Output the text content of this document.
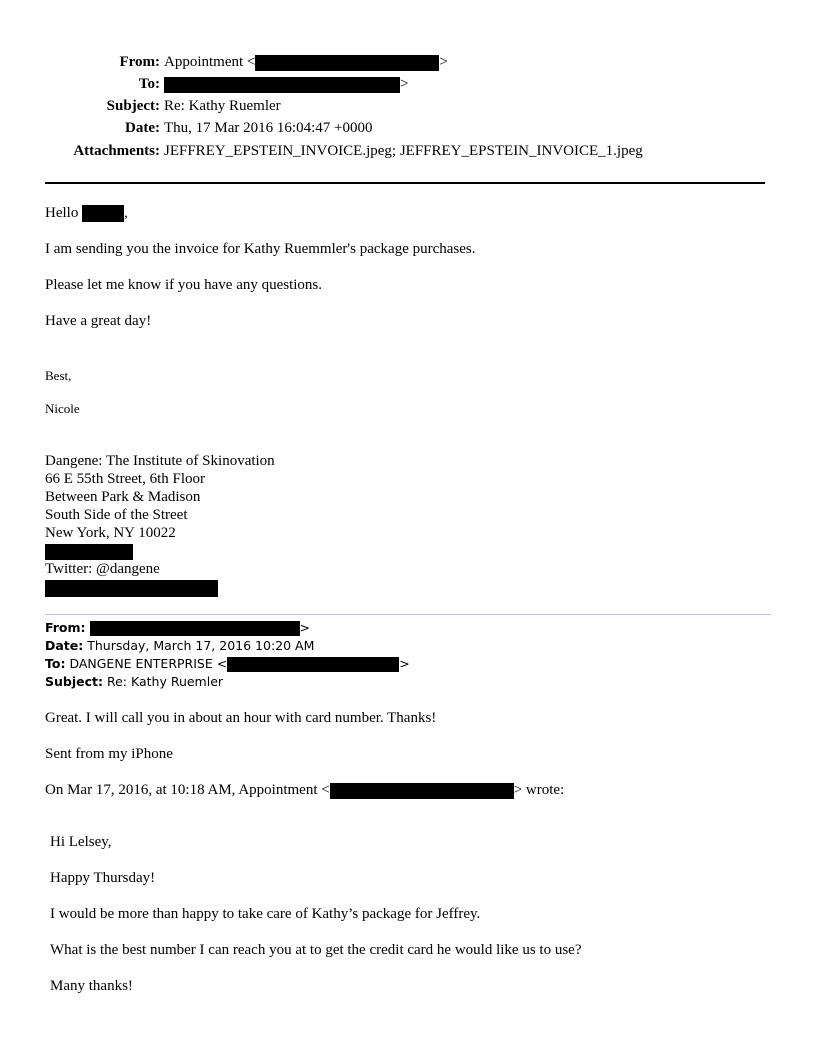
From: Appointment <	>
To:	>
Subject: Re: Kathy Ruemler
Date: Thu, 17 Mar 2016 16:04:47 +0000
Attachments: JEFFREY_EPSTEIN_INVOICE.jpeg; JEFFREY_EPSTEIN_INVOICE_1.jpeg
Hello	,
I am sending you the invoice for Kathy Ruemmler's package purchases.
Please let me know if you have any questions.
Have a great day!
Best,
Nicole
Dangene: The Institute of Skinovation
66 E 55th Street, 6th Floor
Between Park & Madison
South Side of the Street
New York, NY 10022
Twitter: @dangene
From:	>
Date: Thursday, March 17, 2016 10:20 AM
To: DANGENE ENTERPRISE <	>
Subject: Re: Kathy Ruemler
Great. I will call you in about an hour with card number. Thanks!
Sent from my iPhone
On Mar 17, 2016, at 10:18 AM, Appointment <	> wrote:
Hi Lelsey,
Happy Thursday!
I would be more than happy to take care of Kathy’s package for Jeffrey.
What is the best number I can reach you at to get the credit card he would like us to use?
Many thanks!
